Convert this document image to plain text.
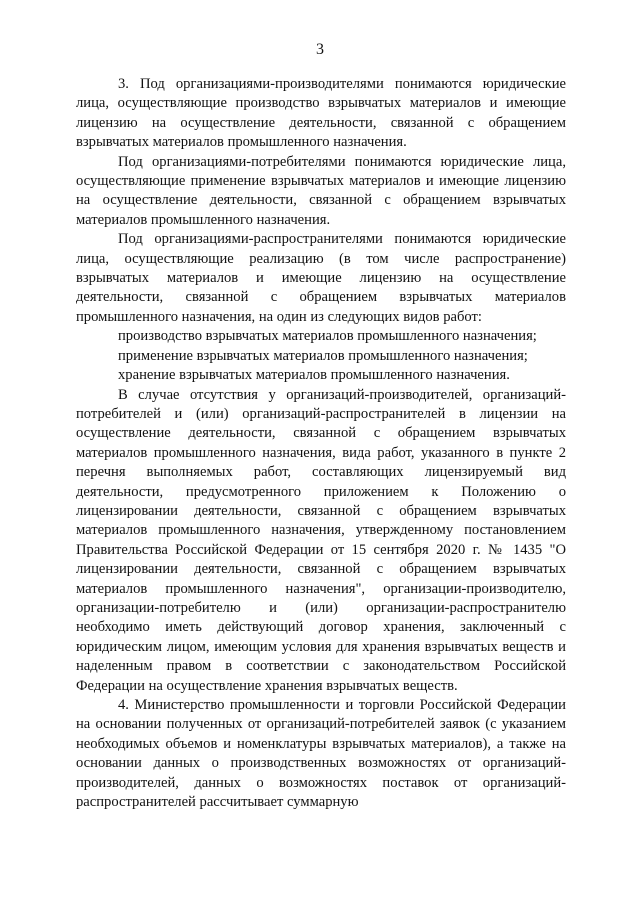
3

3. Под организациями-производителями понимаются юридические лица, осуществляющие производство взрывчатых материалов и имеющие лицензию на осуществление деятельности, связанной с обращением взрывчатых материалов промышленного назначения.

Под организациями-потребителями понимаются юридические лица, осуществляющие применение взрывчатых материалов и имеющие лицензию на осуществление деятельности, связанной с обращением взрывчатых материалов промышленного назначения.

Под организациями-распространителями понимаются юридические лица, осуществляющие реализацию (в том числе распространение) взрывчатых материалов и имеющие лицензию на осуществление деятельности, связанной с обращением взрывчатых материалов промышленного назначения, на один из следующих видов работ:

производство взрывчатых материалов промышленного назначения;

применение взрывчатых материалов промышленного назначения;

хранение взрывчатых материалов промышленного назначения.

В случае отсутствия у организаций-производителей, организаций-потребителей и (или) организаций-распространителей в лицензии на осуществление деятельности, связанной с обращением взрывчатых материалов промышленного назначения, вида работ, указанного в пункте 2 перечня выполняемых работ, составляющих лицензируемый вид деятельности, предусмотренного приложением к Положению о лицензировании деятельности, связанной с обращением взрывчатых материалов промышленного назначения, утвержденному постановлением Правительства Российской Федерации от 15 сентября 2020 г. № 1435 "О лицензировании деятельности, связанной с обращением взрывчатых материалов промышленного назначения", организации-производителю, организации-потребителю и (или) организации-распространителю необходимо иметь действующий договор хранения, заключенный с юридическим лицом, имеющим условия для хранения взрывчатых веществ и наделенным правом в соответствии с законодательством Российской Федерации на осуществление хранения взрывчатых веществ.

4. Министерство промышленности и торговли Российской Федерации на основании полученных от организаций-потребителей заявок (с указанием необходимых объемов и номенклатуры взрывчатых материалов), а также на основании данных о производственных возможностях от организаций-производителей, данных о возможностях поставок от организаций-распространителей рассчитывает суммарную
